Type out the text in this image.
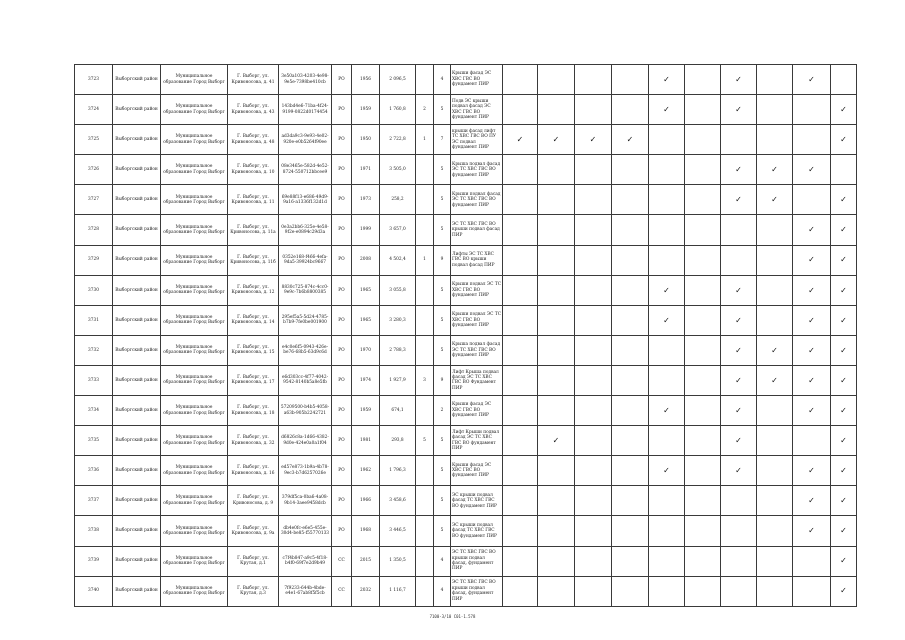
3723	Выборгский район	Муниципальное образование Город Выборг	Г. Выборг, ул. Кривоносова, д. 41	3e50a103-4203-4e98-9e5e-7398be410cb	РО	1956	2 096,5		4	Крыши фасад ЭС ХВС ГВС ВО фундамент ПИР					✓		✓		✓	
3724	Выборгский район	Муниципальное образование Город Выборг	Г. Выборг, ул. Кривоносова, д. 43	143bd4e6-71ba-4f24-9199-0822d0174454	РО	1959	1 760,8	2	5	Подв ЭС крыши подвал фасад ЭС ХВС ГВС ВО фундамент ПИР					✓		✓			✓
3725	Выборгский район	Муниципальное образование Город Выборг	Г. Выборг, ул. Кривоносова, д. 48	ad3da9c3-9e93-4e02-920e-e0b5264f90ee	РО	1950	2 722,8	1	7	крыши фасад лифт ТС ХВС ГВС ВО ПУ ЭС подвал фундамент ПИР	✓	✓	✓	✓						✓
3726	Выборгский район	Муниципальное образование Город Выборг	Г. Выборг, ул. Кривоносова, д. 10	08e3465e-582d-4e52-8724-550712bbcee9	РО	1971	3 505,0		5	Крыша подвал фасад ЭС ТС ХВС ГВС ВО фундамент ПИР							✓	✓	✓	
3727	Выборгский район	Муниципальное образование Город Выборг	Г. Выборг, ул. Кривоносова, д. 11	69e88f13-e686-49d9-9a16-a1336f132d1d	РО	1973	258,2		5	Крыши подвал фасад ЭС ТС ХВС ГВС ВО фундамент ПИР							✓	✓		✓
3728	Выборгский район	Муниципальное образование Город Выборг	Г. Выборг, ул. Кривоносова, д. 11а	0e3a2bb6-325e-4e58-9f2e-e0894c29d3a	РО	1999	3 657,0		5	ЭС ТС ХВС ГВС ВО крыши подвал фасад ПИР									✓	✓
3729	Выборгский район	Муниципальное образование Город Выборг	Г. Выборг, ул. Кривоносова, д. 11б	0352e168-f466-4efa-9da5-39924bc9667	РО	2008	4 502,4	1	9	Лифты ЭС ТС ХВС ГВС ВО крыши подвал фасад ПИР									✓	✓
3730	Выборгский район	Муниципальное образование Город Выборг	Г. Выборг, ул. Кривоносова, д. 12	8830c725-874c-4cc0-9e9c-7b6b8800385	РО	1965	3 055,8		5	Крыши подвал ЭС ТС ХВС ГВС ВО фундамент ПИР					✓		✓		✓	✓
3731	Выборгский район	Муниципальное образование Город Выборг	Г. Выборг, ул. Кривоносова, д. 14	295ef5a5-5d24-4785-b7b9-7fe0be001900	РО	1965	3 280,3		5	Крыши подвал ЭС ТС ХВС ГВС ВО фундамент ПИР					✓		✓		✓	✓
3732	Выборгский район	Муниципальное образование Город Выборг	Г. Выборг, ул. Кривоносова, д. 15	e4c0e6f5-0943-426e-be76-68b5-63d9c6d	РО	1970	2 788,3		5	Крыша подвал фасад ЭС ТС ХВС ГВС ВО фундамент ПИР							✓	✓	✓	✓
3733	Выборгский район	Муниципальное образование Город Выборг	Г. Выборг, ул. Кривоносова, д. 17	e6d303cc-4f77-4042-9542-8140b5a8e5fb	РО	1974	1 927,9	3	9	Лифт Крыша подвал фасад ЭС ТС ХВС ГВС ВО Фундамент ПИР							✓	✓	✓	✓
3734	Выборгский район	Муниципальное образование Город Выборг	Г. Выборг, ул. Кривоносова, д. 18	57209500-b4b5-4058-a63b-905b2242721	РО	1959	674,1		2	Крыши фасад ЭС ХВС ГВС ВО фундамент ПИР					✓		✓		✓	✓
3735	Выборгский район	Муниципальное образование Город Выборг	Г. Выборг, ул. Кривоносова, д. 32	d6826c8a-1d66-4382-9d0e-424e0a0a1f04	РО	1981	293,8	5	5	Лифт Крыши подвал фасад ЭС ТС ХВС ГВС ВО фундамент ПИР		✓					✓			✓
3736	Выборгский район	Муниципальное образование Город Выборг	Г. Выборг, ул. Кривоносова, д. 16	ed57e873-1b9a-4b78-9ec3-b7d6257026e	РО	1962	1 796,3		5	Крыши фасад ЭС ХВС ГВС ВО фундамент ПИР					✓		✓		✓	✓
3737	Выборгский район	Муниципальное образование Город Выборг	Г. Выборг, ул. Кривоносова, д. 9	379df5ca-0ba6-4a08-9b14-3aee9458dcb	РО	1966	3 458,6		5	ЭС крыши подвал фасад ТС ХВС ГВС ВО фундамент ПИР									✓	✓
3738	Выборгский район	Муниципальное образование Город Выборг	Г. Выборг, ул. Кривоносова, д. 9а	db4e0fc-e6e5-455e-30d4-be85-f55770133	РО	1968	3 446,5		5	ЭС крыши подвал фасад ТС ХВС ГВС ВО фундамент ПИР									✓	✓
3739	Выборгский район	Муниципальное образование Город Выборг	Г. Выборг, ул. Крутая, д.1	c7f4b847-a9c5-4f18-b4f0-69f7e2d9b49	СС	2015	1 350,5		4	ЭС ТС ХВС ГВС ВО крыши подвал фасад, фундамент ПИР										✓
3740	Выборгский район	Муниципальное образование Город Выборг	Г. Выборг, ул. Крутая, д.3	7f9233-644b-4bde-e4e1-67ab8f5f5cb	СС	2032	1 116,7		4	ЭС ТС ХВС ГВС ВО крыши подвал фасад, фундамент ПИР										✓
7100-3/10 С01-1.578
